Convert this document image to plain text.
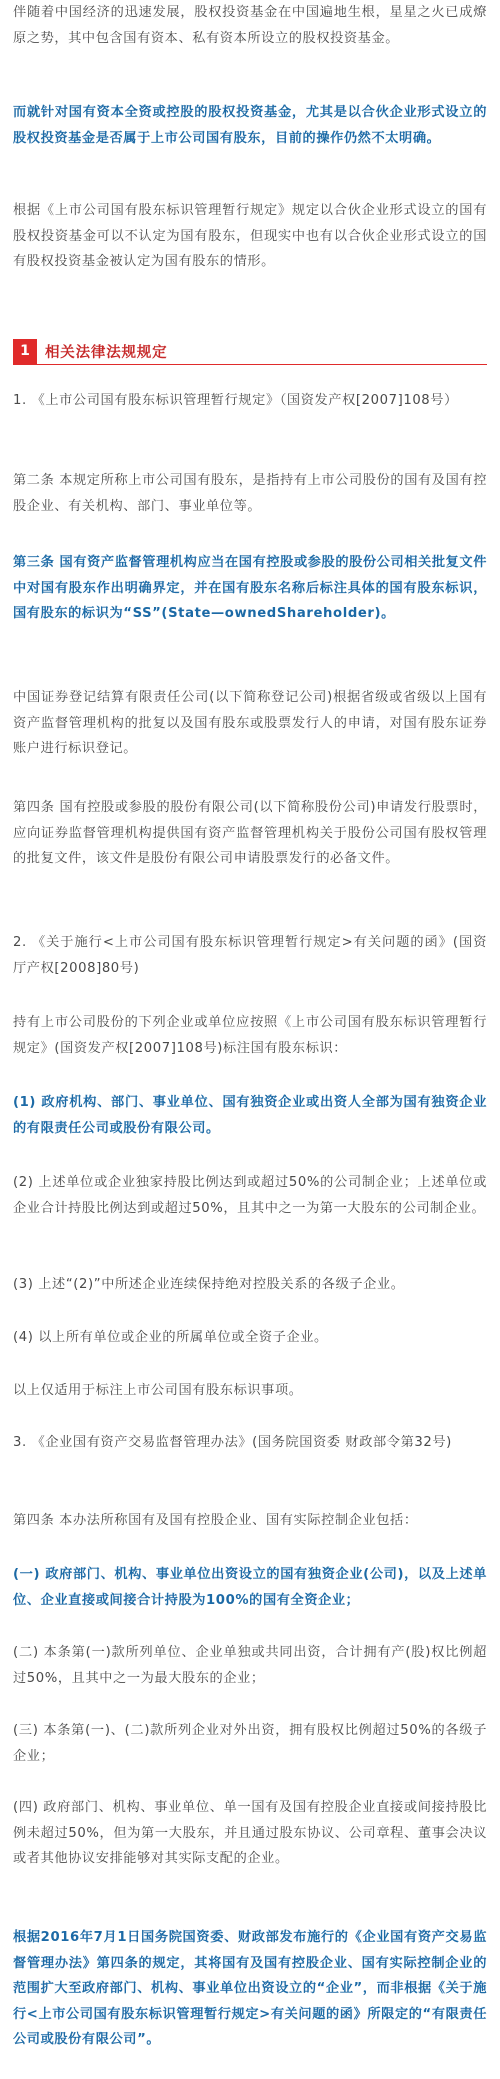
伴随着中国经济的迅速发展，股权投资基金在中国遍地生根，星星之火已成燎原之势，其中包含国有资本、私有资本所设立的股权投资基金。

而就针对国有资本全资或控股的股权投资基金，尤其是以合伙企业形式设立的股权投资基金是否属于上市公司国有股东，目前的操作仍然不太明确。

根据《上市公司国有股东标识管理暂行规定》规定以合伙企业形式设立的国有股权投资基金可以不认定为国有股东，但现实中也有以合伙企业形式设立的国有股权投资基金被认定为国有股东的情形。

1	相关法律法规规定

1. 《上市公司国有股东标识管理暂行规定》（国资发产权[2007]108号）

第二条 本规定所称上市公司国有股东，是指持有上市公司股份的国有及国有控股企业、有关机构、部门、事业单位等。

第三条 国有资产监督管理机构应当在国有控股或参股的股份公司相关批复文件中对国有股东作出明确界定，并在国有股东名称后标注具体的国有股东标识，国有股东的标识为“SS”(State—ownedShareholder)。

中国证券登记结算有限责任公司(以下简称登记公司)根据省级或省级以上国有资产监督管理机构的批复以及国有股东或股票发行人的申请，对国有股东证券账户进行标识登记。

第四条 国有控股或参股的股份有限公司(以下简称股份公司)申请发行股票时，应向证券监督管理机构提供国有资产监督管理机构关于股份公司国有股权管理的批复文件，该文件是股份有限公司申请股票发行的必备文件。

2. 《关于施行<上市公司国有股东标识管理暂行规定>有关问题的函》(国资厅产权[2008]80号)

持有上市公司股份的下列企业或单位应按照《上市公司国有股东标识管理暂行规定》(国资发产权[2007]108号)标注国有股东标识：

(1) 政府机构、部门、事业单位、国有独资企业或出资人全部为国有独资企业的有限责任公司或股份有限公司。

(2) 上述单位或企业独家持股比例达到或超过50%的公司制企业；上述单位或企业合计持股比例达到或超过50%，且其中之一为第一大股东的公司制企业。

(3) 上述“(2)”中所述企业连续保持绝对控股关系的各级子企业。

(4) 以上所有单位或企业的所属单位或全资子企业。

以上仅适用于标注上市公司国有股东标识事项。

3. 《企业国有资产交易监督管理办法》(国务院国资委 财政部令第32号)

第四条 本办法所称国有及国有控股企业、国有实际控制企业包括：

(一) 政府部门、机构、事业单位出资设立的国有独资企业(公司)，以及上述单位、企业直接或间接合计持股为100%的国有全资企业；

(二) 本条第(一)款所列单位、企业单独或共同出资，合计拥有产(股)权比例超过50%，且其中之一为最大股东的企业；

(三) 本条第(一)、(二)款所列企业对外出资，拥有股权比例超过50%的各级子企业；

(四) 政府部门、机构、事业单位、单一国有及国有控股企业直接或间接持股比例未超过50%，但为第一大股东，并且通过股东协议、公司章程、董事会决议或者其他协议安排能够对其实际支配的企业。

根据2016年7月1日国务院国资委、财政部发布施行的《企业国有资产交易监督管理办法》第四条的规定，其将国有及国有控股企业、国有实际控制企业的范围扩大至政府部门、机构、事业单位出资设立的“企业”，而非根据《关于施行<上市公司国有股东标识管理暂行规定>有关问题的函》所限定的“有限责任公司或股份有限公司”。
